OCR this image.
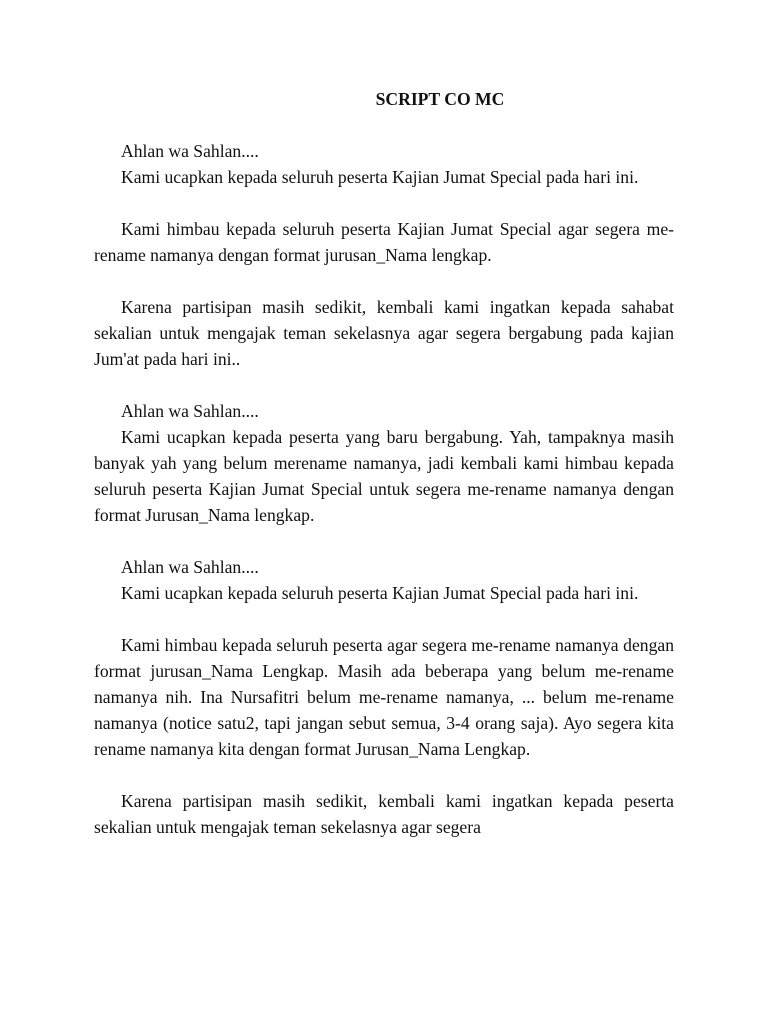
SCRIPT CO MC

Ahlan wa Sahlan....

Kami ucapkan kepada seluruh peserta Kajian Jumat Special pada hari ini.

Kami himbau kepada seluruh peserta Kajian Jumat Special agar segera me-rename namanya dengan format jurusan_Nama lengkap.

Karena partisipan masih sedikit, kembali kami ingatkan kepada sahabat sekalian untuk mengajak teman sekelasnya agar segera bergabung pada kajian Jum'at pada hari ini..

Ahlan wa Sahlan....

Kami ucapkan kepada peserta yang baru bergabung. Yah, tampaknya masih banyak yah yang belum merename namanya, jadi kembali kami himbau kepada seluruh peserta Kajian Jumat Special untuk segera me-rename namanya dengan format Jurusan_Nama lengkap.

Ahlan wa Sahlan....

Kami ucapkan kepada seluruh peserta Kajian Jumat Special pada hari ini.

Kami himbau kepada seluruh peserta agar segera me-rename namanya dengan format jurusan_Nama Lengkap. Masih ada beberapa yang belum me-rename namanya nih. Ina Nursafitri belum me-rename namanya, ... belum me-rename namanya (notice satu2, tapi jangan sebut semua, 3-4 orang saja). Ayo segera kita rename namanya kita dengan format Jurusan_Nama Lengkap.

Karena partisipan masih sedikit, kembali kami ingatkan kepada peserta sekalian untuk mengajak teman sekelasnya agar segera
